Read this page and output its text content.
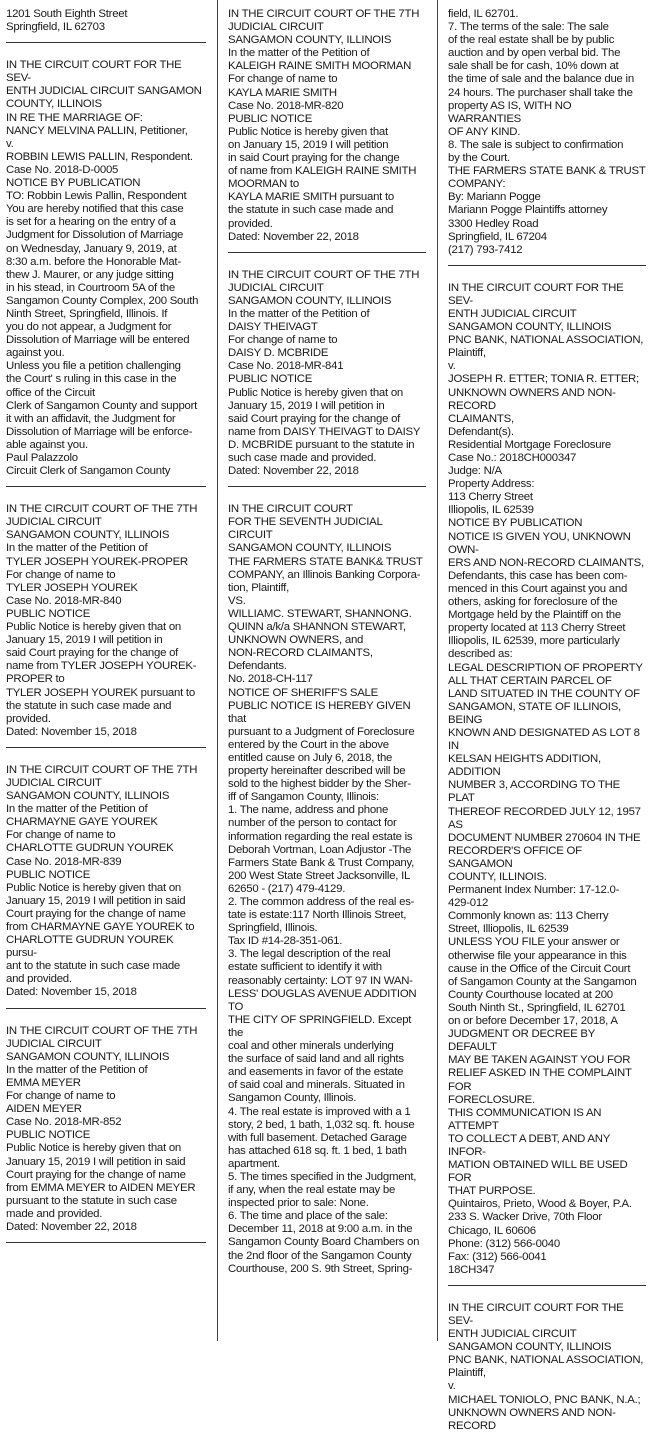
1201 South Eighth Street
Springfield, IL 62703

IN THE CIRCUIT COURT FOR THE SEV-
ENTH JUDICIAL CIRCUIT SANGAMON
COUNTY, ILLINOIS
IN RE THE MARRIAGE OF:
NANCY MELVINA PALLIN, Petitioner,
v.
ROBBIN LEWIS PALLIN, Respondent.
Case No. 2018-D-0005
NOTICE BY PUBLICATION
TO: Robbin Lewis Pallin, Respondent
You are hereby notified that this case
is set for a hearing on the entry of a
Judgment for Dissolution of Marriage
on Wednesday, January 9, 2019, at
8:30 a.m. before the Honorable Mat-
thew J. Maurer, or any judge sitting
in his stead, in Courtroom 5A of the
Sangamon County Complex, 200 South
Ninth Street, Springfield, Illinois. If
you do not appear, a Judgment for
Dissolution of Marriage will be entered
against you.
Unless you file a petition challenging
the Court' s ruling in this case in the
office of the Circuit
Clerk of Sangamon County and support
it with an affidavit, the Judgment for
Dissolution of Marriage will be enforce-
able against you.
Paul Palazzolo
Circuit Clerk of Sangamon County

IN THE CIRCUIT COURT OF THE 7TH
JUDICIAL CIRCUIT
SANGAMON COUNTY, ILLINOIS
In the matter of the Petition of
TYLER JOSEPH YOUREK-PROPER
For change of name to
TYLER JOSEPH YOUREK
Case No. 2018-MR-840
PUBLIC NOTICE
Public Notice is hereby given that on
January 15, 2019 I will petition in
said Court praying for the change of
name from TYLER JOSEPH YOUREK-
PROPER to
TYLER JOSEPH YOUREK pursuant to
the statute in such case made and
provided.
Dated: November 15, 2018

IN THE CIRCUIT COURT OF THE 7TH
JUDICIAL CIRCUIT
SANGAMON COUNTY, ILLINOIS
In the matter of the Petition of
CHARMAYNE GAYE YOUREK
For change of name to
CHARLOTTE GUDRUN YOUREK
Case No. 2018-MR-839
PUBLIC NOTICE
Public Notice is hereby given that on
January 15, 2019 I will petition in said
Court praying for the change of name
from CHARMAYNE GAYE YOUREK to
CHARLOTTE GUDRUN YOUREK pursu-
ant to the statute in such case made
and provided.
Dated: November 15, 2018

IN THE CIRCUIT COURT OF THE 7TH
JUDICIAL CIRCUIT
SANGAMON COUNTY, ILLINOIS
In the matter of the Petition of
EMMA MEYER
For change of name to
AIDEN MEYER
Case No. 2018-MR-852
PUBLIC NOTICE
Public Notice is hereby given that on
January 15, 2019 I will petition in said
Court praying for the change of name
from EMMA MEYER to AIDEN MEYER
pursuant to the statute in such case
made and provided.
Dated: November 22, 2018

IN THE CIRCUIT COURT OF THE 7TH
JUDICIAL CIRCUIT
SANGAMON COUNTY, ILLINOIS
In the matter of the Petition of
KALEIGH RAINE SMITH MOORMAN
For change of name to
KAYLA MARIE SMITH
Case No. 2018-MR-820
PUBLIC NOTICE
Public Notice is hereby given that
on January 15, 2019 I will petition
in said Court praying for the change
of name from KALEIGH RAINE SMITH
MOORMAN to
KAYLA MARIE SMITH pursuant to
the statute in such case made and
provided.
Dated: November 22, 2018

IN THE CIRCUIT COURT OF THE 7TH
JUDICIAL CIRCUIT
SANGAMON COUNTY, ILLINOIS
In the matter of the Petition of
DAISY THEIVAGT
For change of name to
DAISY D. MCBRIDE
Case No. 2018-MR-841
PUBLIC NOTICE
Public Notice is hereby given that on
January 15, 2019 I will petition in
said Court praying for the change of
name from DAISY THEIVAGT to DAISY
D. MCBRIDE pursuant to the statute in
such case made and provided.
Dated: November 22, 2018

IN THE CIRCUIT COURT
FOR THE SEVENTH JUDICIAL CIRCUIT
SANGAMON COUNTY, ILLINOIS
THE FARMERS STATE BANK& TRUST
COMPANY, an Illinois Banking Corpora-
tion, Plaintiff,
VS.
WILLIAMC. STEWART, SHANNONG.
QUINN a/k/a SHANNON STEWART,
UNKNOWN OWNERS, and
NON-RECORD CLAIMANTS, Defendants.
No. 2018-CH-117
NOTICE OF SHERIFF'S SALE
PUBLIC NOTICE IS HEREBY GIVEN that
pursuant to a Judgment of Foreclosure
entered by the Court in the above
entitled cause on July 6, 2018, the
property hereinafter described will be
sold to the highest bidder by the Sher-
iff of Sangamon County, Illinois:
1. The name, address and phone
number of the person to contact for
information regarding the real estate is
Deborah Vortman, Loan Adjustor -The
Farmers State Bank & Trust Company,
200 West State Street Jacksonville, IL
62650 - (217) 479-4129.
2. The common address of the real es-
tate is estate:117 North Illinois Street,
Springfield, Illinois.
Tax ID #14-28-351-061.
3. The legal description of the real
estate sufficient to identify it with
reasonably certainty: LOT 97 IN WAN-
LESS' DOUGLAS AVENUE ADDITION TO
THE CITY OF SPRINGFIELD. Except the
coal and other minerals underlying
the surface of said land and all rights
and easements in favor of the estate
of said coal and minerals. Situated in
Sangamon County, Illinois.
4. The real estate is improved with a 1
story, 2 bed, 1 bath, 1,032 sq. ft. house
with full basement. Detached Garage
has attached 618 sq. ft. 1 bed, 1 bath
apartment.
5. The times specified in the Judgment,
if any, when the real estate may be
inspected prior to sale: None.
6. The time and place of the sale:
December 11, 2018 at 9:00 a.m. in the
Sangamon County Board Chambers on
the 2nd floor of the Sangamon County
Courthouse, 200 S. 9th Street, Spring-

field, IL 62701.
7. The terms of the sale: The sale
of the real estate shall be by public
auction and by open verbal bid. The
sale shall be for cash, 10% down at
the time of sale and the balance due in
24 hours. The purchaser shall take the
property AS IS, WITH NO WARRANTIES
OF ANY KIND.
8. The sale is subject to confirmation
by the Court.
THE FARMERS STATE BANK & TRUST
COMPANY:
By: Mariann Pogge
Mariann Pogge Plaintiffs attorney
3300 Hedley Road
Springfield, IL 67204
(217) 793-7412

IN THE CIRCUIT COURT FOR THE SEV-
ENTH JUDICIAL CIRCUIT
SANGAMON COUNTY, ILLINOIS
PNC BANK, NATIONAL ASSOCIATION,
Plaintiff,
v.
JOSEPH R. ETTER; TONIA R. ETTER;
UNKNOWN OWNERS AND NON-RECORD
CLAIMANTS,
Defendant(s).
Residential Mortgage Foreclosure
Case No.: 2018CH000347
Judge: N/A
Property Address:
113 Cherry Street
Illiopolis, IL 62539
NOTICE BY PUBLICATION
NOTICE IS GIVEN YOU, UNKNOWN OWN-
ERS AND NON-RECORD CLAIMANTS,
Defendants, this case has been com-
menced in this Court against you and
others, asking for foreclosure of the
Mortgage held by the Plaintiff on the
property located at 113 Cherry Street
Illiopolis, IL 62539, more particularly
described as:
LEGAL DESCRIPTION OF PROPERTY
ALL THAT CERTAIN PARCEL OF
LAND SITUATED IN THE COUNTY OF
SANGAMON, STATE OF ILLINOIS, BEING
KNOWN AND DESIGNATED AS LOT 8 IN
KELSAN HEIGHTS ADDITION, ADDITION
NUMBER 3, ACCORDING TO THE PLAT
THEREOF RECORDED JULY 12, 1957 AS
DOCUMENT NUMBER 270604 IN THE
RECORDER'S OFFICE OF SANGAMON
COUNTY, ILLINOIS.
Permanent Index Number: 17-12.0-
429-012
Commonly known as: 113 Cherry
Street, Illiopolis, IL 62539
UNLESS YOU FILE your answer or
otherwise file your appearance in this
cause in the Office of the Circuit Court
of Sangamon County at the Sangamon
County Courthouse located at 200
South Ninth St., Springfield, IL 62701
on or before December 17, 2018, A
JUDGMENT OR DECREE BY DEFAULT
MAY BE TAKEN AGAINST YOU FOR
RELIEF ASKED IN THE COMPLAINT FOR
FORECLOSURE.
THIS COMMUNICATION IS AN ATTEMPT
TO COLLECT A DEBT, AND ANY INFOR-
MATION OBTAINED WILL BE USED FOR
THAT PURPOSE.
Quintairos, Prieto, Wood & Boyer, P.A.
233 S. Wacker Drive, 70th Floor
Chicago, IL 60606
Phone: (312) 566-0040
Fax: (312) 566-0041
18CH347

IN THE CIRCUIT COURT FOR THE SEV-
ENTH JUDICIAL CIRCUIT
SANGAMON COUNTY, ILLINOIS
PNC BANK, NATIONAL ASSOCIATION,
Plaintiff,
v.
MICHAEL TONIOLO, PNC BANK, N.A.;
UNKNOWN OWNERS AND NON-RECORD
